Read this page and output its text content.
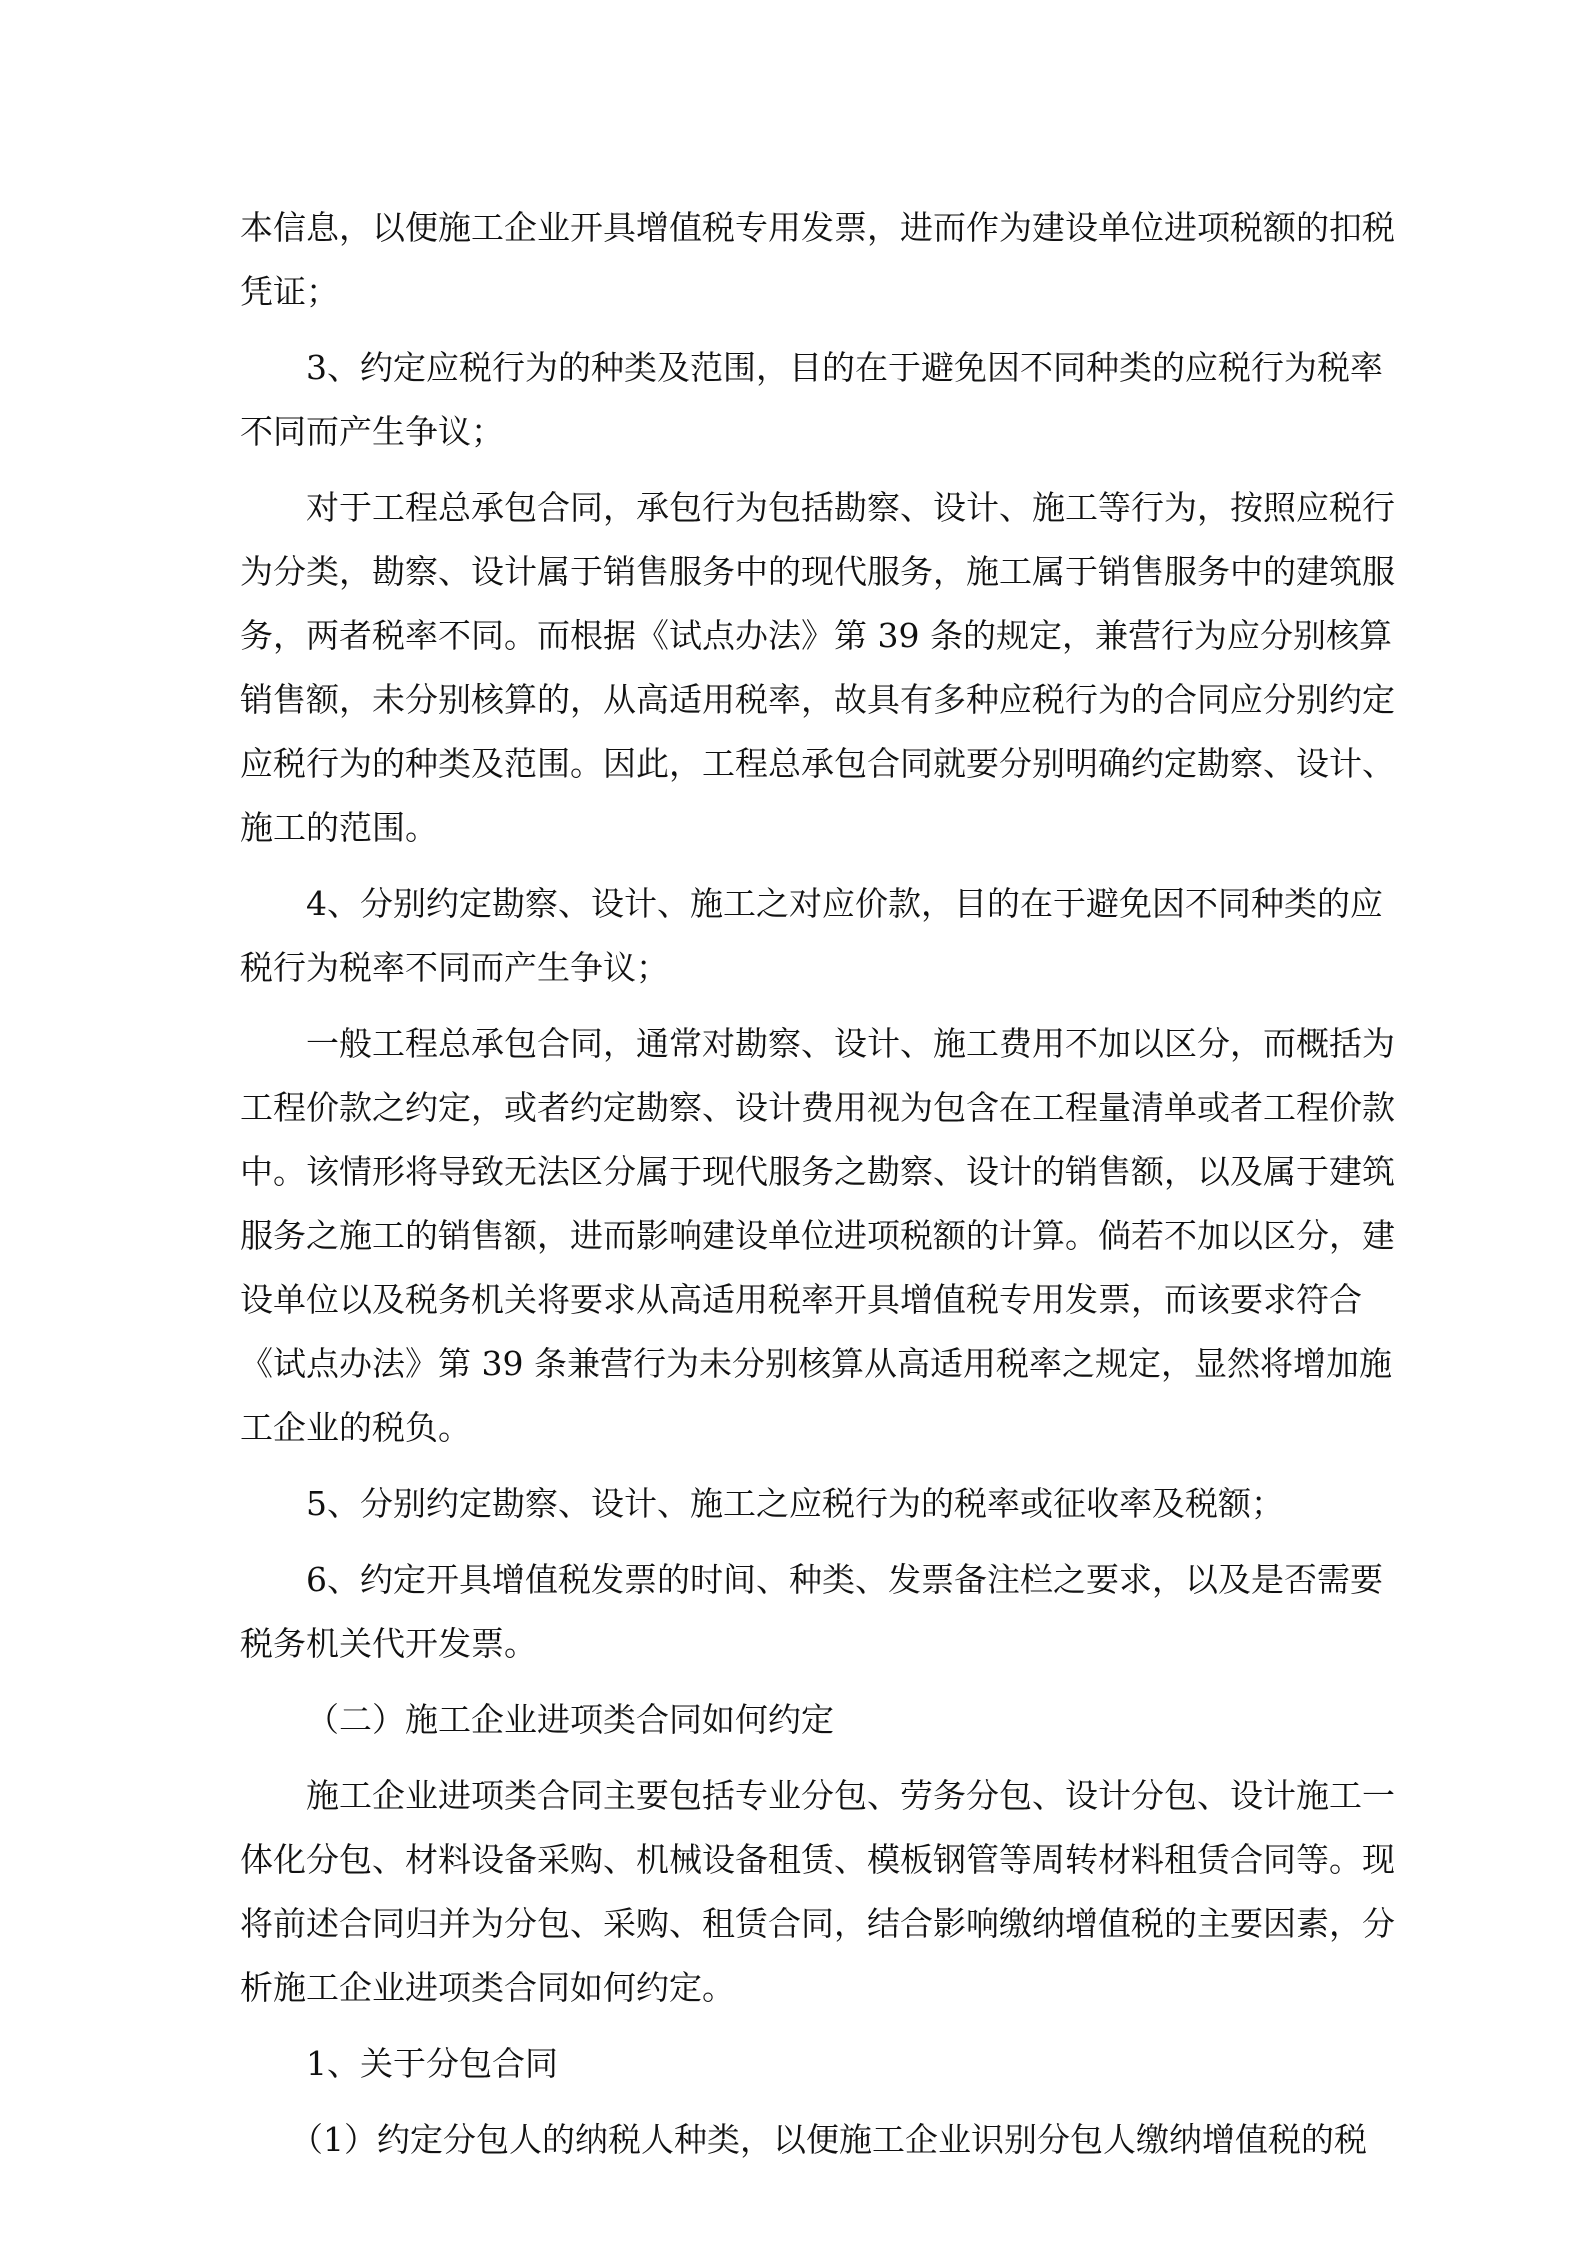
本信息，以便施工企业开具增值税专用发票，进而作为建设单位进项税额的扣税
凭证；
3、约定应税行为的种类及范围，目的在于避免因不同种类的应税行为税率
不同而产生争议；
对于工程总承包合同，承包行为包括勘察、设计、施工等行为，按照应税行
为分类，勘察、设计属于销售服务中的现代服务，施工属于销售服务中的建筑服
务，两者税率不同。而根据《试点办法》第 39 条的规定，兼营行为应分别核算
销售额，未分别核算的，从高适用税率，故具有多种应税行为的合同应分别约定
应税行为的种类及范围。因此，工程总承包合同就要分别明确约定勘察、设计、
施工的范围。
4、分别约定勘察、设计、施工之对应价款，目的在于避免因不同种类的应
税行为税率不同而产生争议；
一般工程总承包合同，通常对勘察、设计、施工费用不加以区分，而概括为
工程价款之约定，或者约定勘察、设计费用视为包含在工程量清单或者工程价款
中。该情形将导致无法区分属于现代服务之勘察、设计的销售额，以及属于建筑
服务之施工的销售额，进而影响建设单位进项税额的计算。倘若不加以区分，建
设单位以及税务机关将要求从高适用税率开具增值税专用发票，而该要求符合
《试点办法》第 39 条兼营行为未分别核算从高适用税率之规定，显然将增加施
工企业的税负。
5、分别约定勘察、设计、施工之应税行为的税率或征收率及税额；
6、约定开具增值税发票的时间、种类、发票备注栏之要求，以及是否需要
税务机关代开发票。
（二）施工企业进项类合同如何约定
施工企业进项类合同主要包括专业分包、劳务分包、设计分包、设计施工一
体化分包、材料设备采购、机械设备租赁、模板钢管等周转材料租赁合同等。现
将前述合同归并为分包、采购、租赁合同，结合影响缴纳增值税的主要因素，分
析施工企业进项类合同如何约定。
1、关于分包合同
（1）约定分包人的纳税人种类，以便施工企业识别分包人缴纳增值税的税
